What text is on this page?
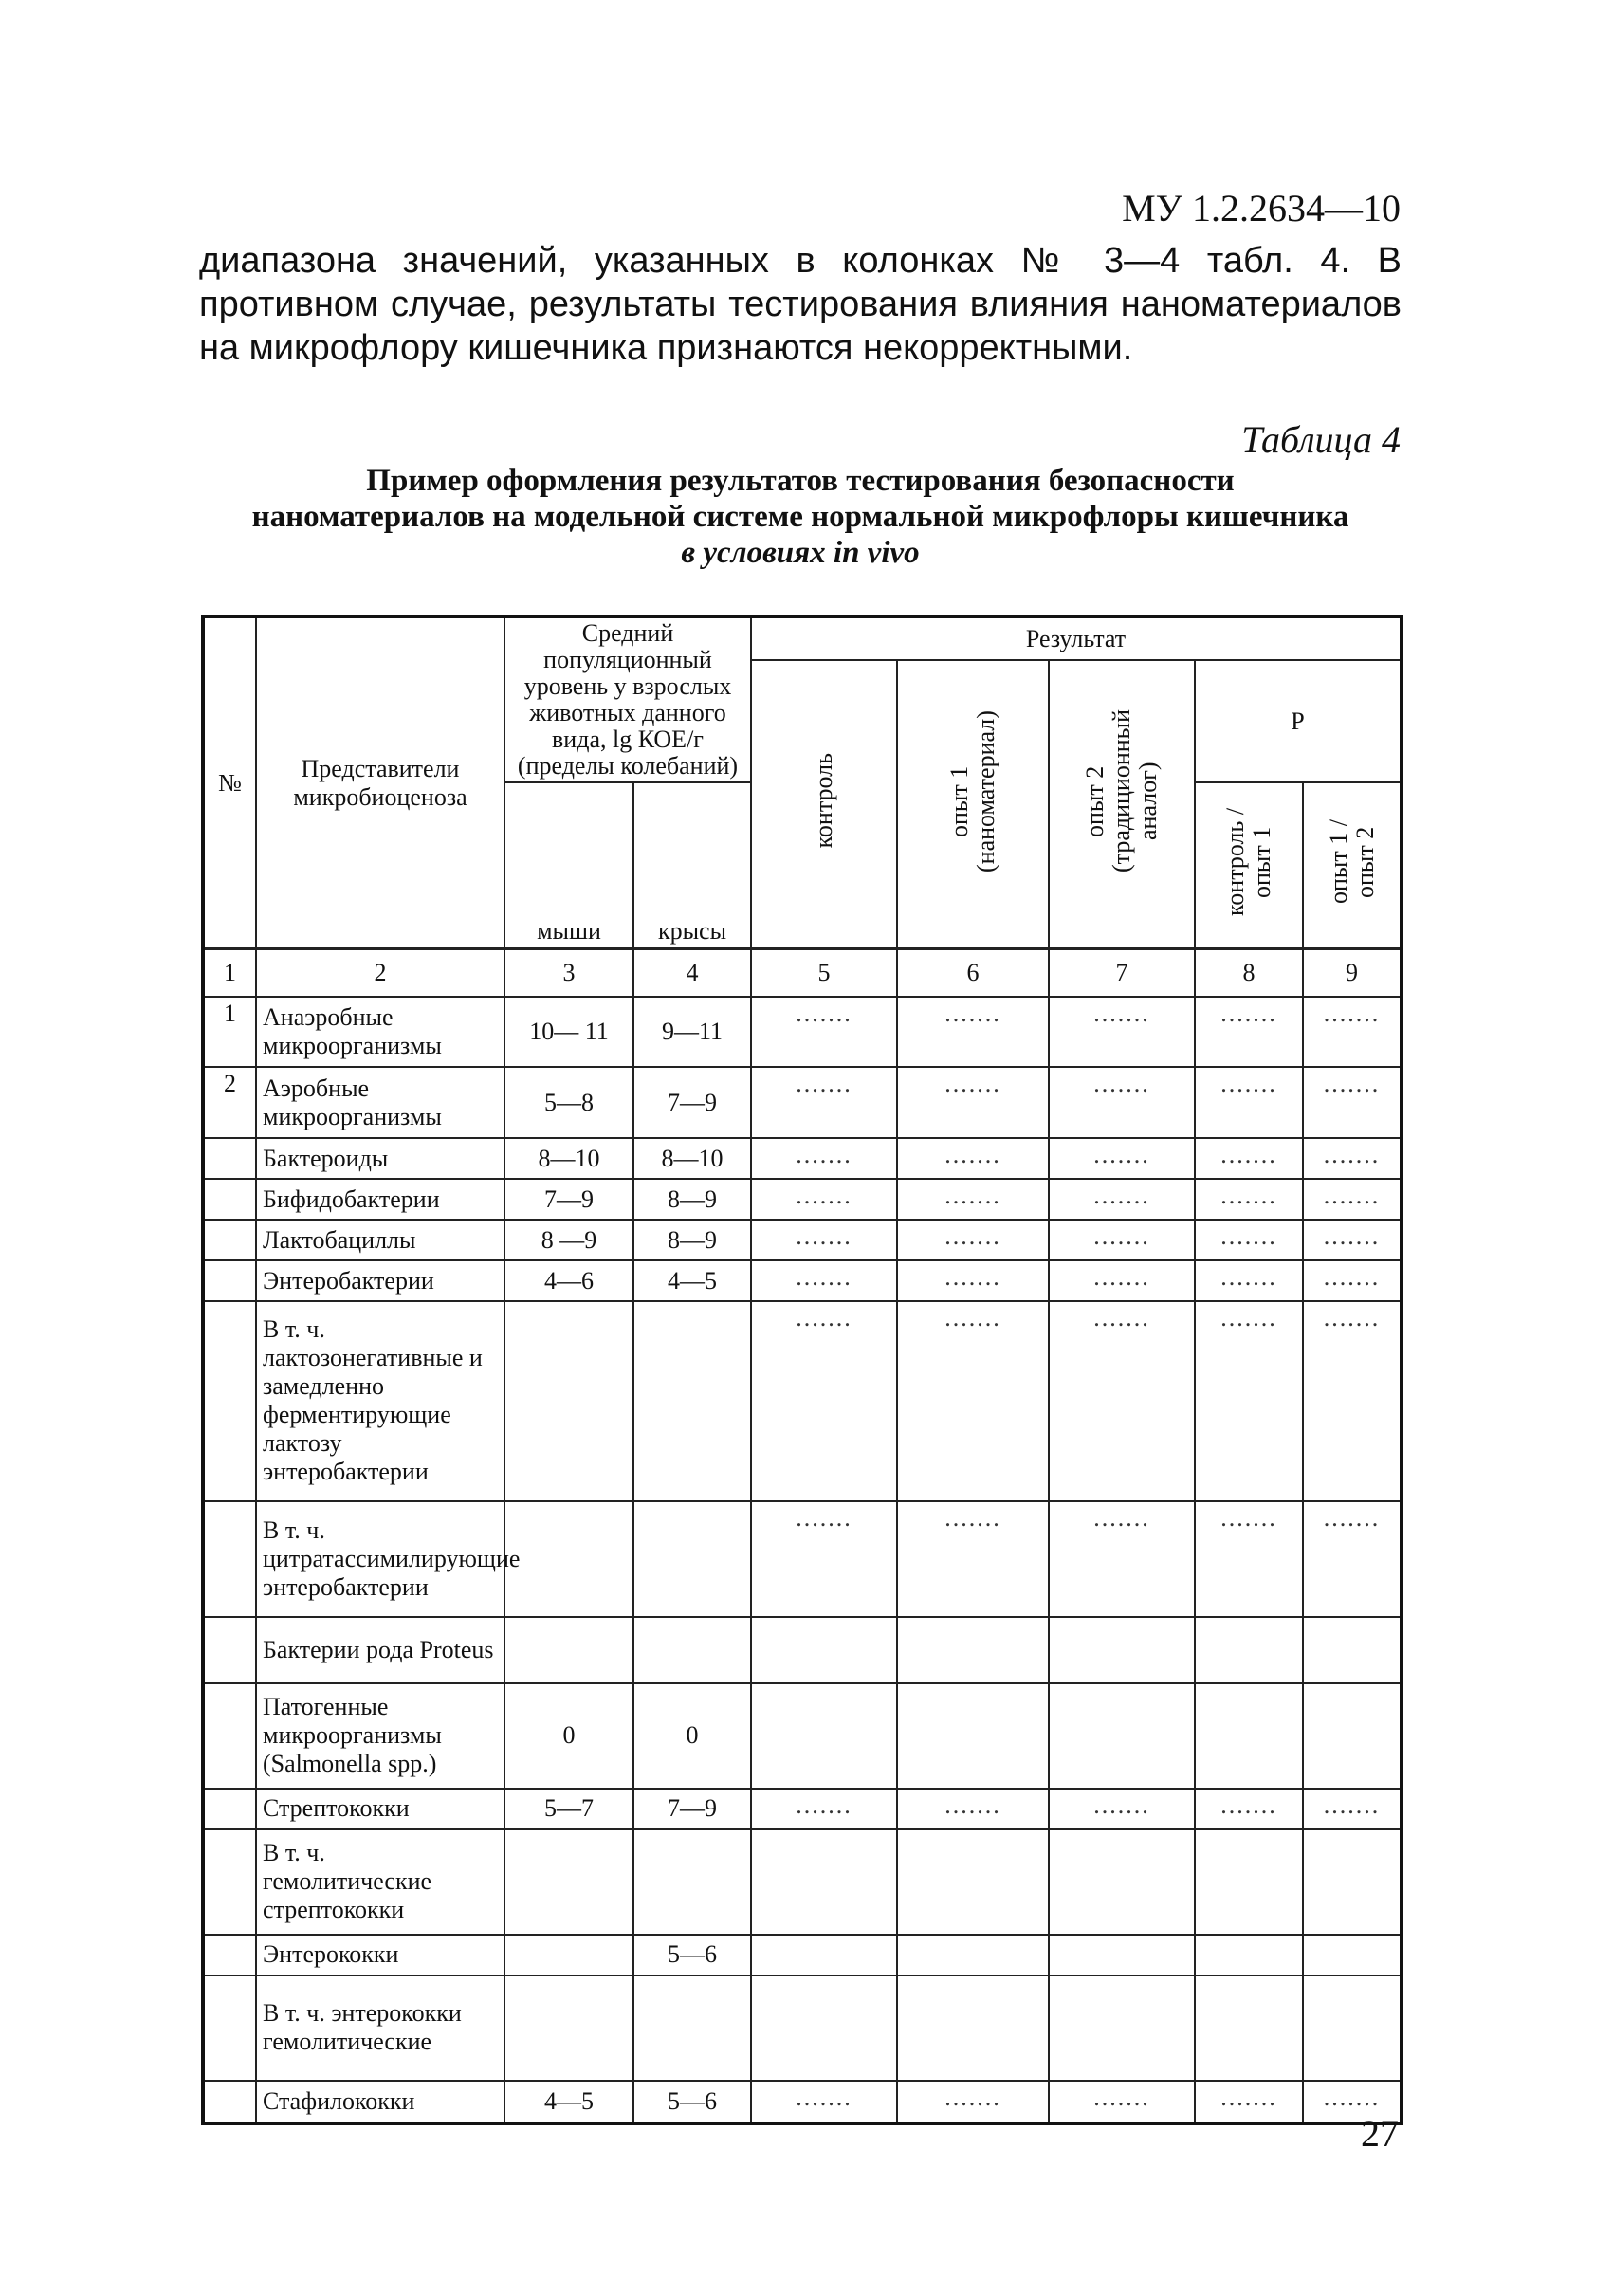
МУ 1.2.2634—10
диапазона значений, указанных в колонках № 3—4 табл. 4. В противном случае, результаты тестирования влияния наноматериалов на микрофлору кишечника признаются некорректными.
Таблица 4
Пример оформления результатов тестирования безопасности
наноматериалов на модельной системе нормальной микрофлоры кишечника
в условиях in vivo
№	Представители микробиоценоза	Средний популяционный уровень у взрослых животных данного вида, lg КОЕ/г (пределы колебаний)		Результат				
				контроль	опыт 1 (наноматериал)	опыт 2 (традиционный аналог)	Р	
		мыши	крысы				контроль / опыт 1	опыт 1 / опыт 2

1	2	3	4	5	6	7	8	9
1	Анаэробные микроорганизмы	10— 11	9—11	.......	.......	.......	.......	.......
2	Аэробные микроорганизмы	5—8	7—9	.......	.......	.......	.......	.......
	Бактероиды	8—10	8—10	.......	.......	.......	.......	.......
	Бифидобактерии	7—9	8—9	.......	.......	.......	.......	.......
	Лактобациллы	8 —9	8—9	.......	.......	.......	.......	.......
	Энтеробактерии	4—6	4—5	.......	.......	.......	.......	.......
	В т. ч. лактозонегативные и замедленно ферментирующие лактозу энтеробактерии			.......	.......	.......	.......	.......
	В т. ч. цитратассимилирующие энтеробактерии			.......	.......	.......	.......	.......
	Бактерии рода Proteus							
	Патогенные микроорганизмы (Salmonella spp.)	0	0					
	Стрептококки	5—7	7—9	.......	.......	.......	.......	.......
	В т. ч. гемолитические стрептококки							
	Энтерококки		5—6					
	В т. ч. энтерококки гемолитические							
	Стафилококки	4—5	5—6	.......	.......	.......	.......	.......
27
